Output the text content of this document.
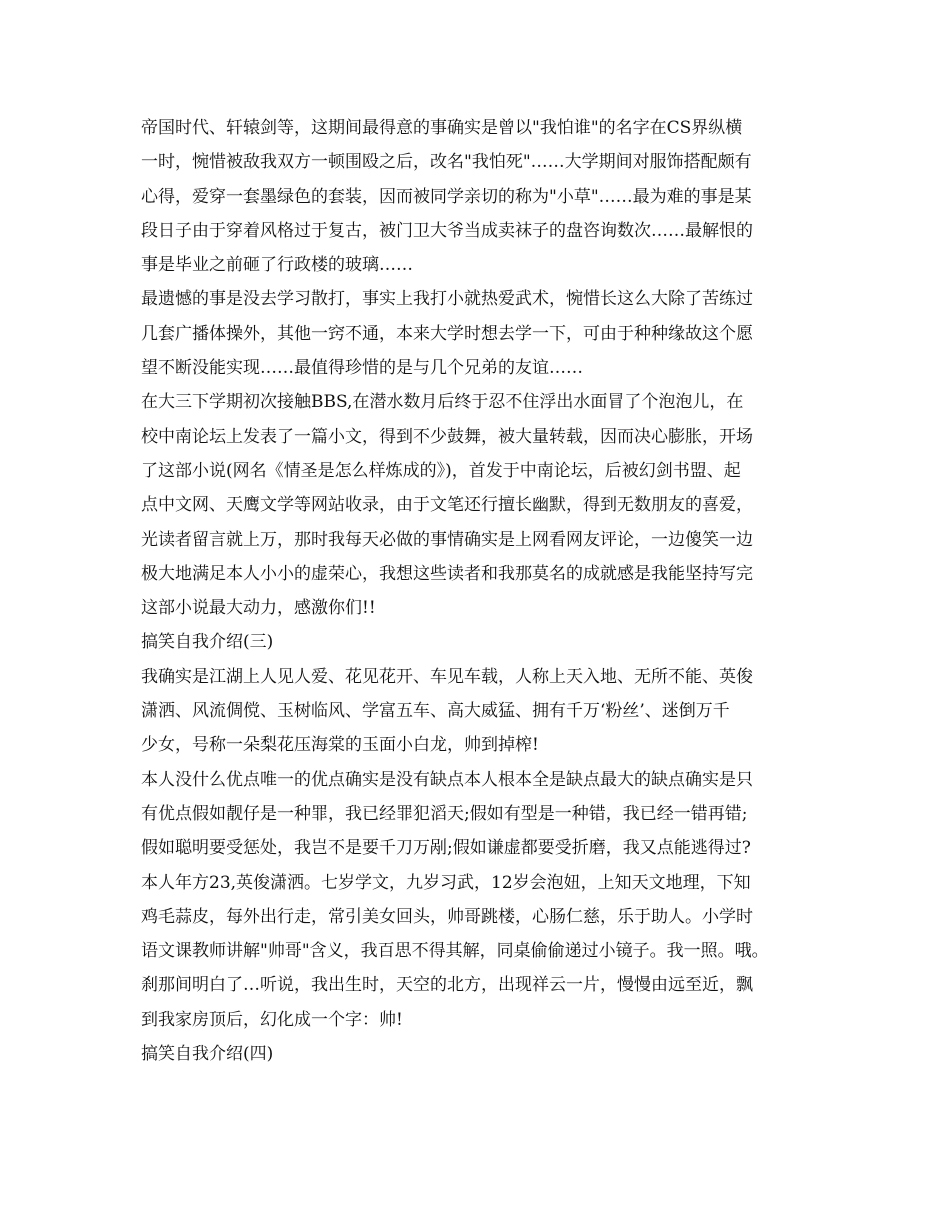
帝国时代、轩辕剑等，这期间最得意的事确实是曾以"我怕谁"的名字在CS界纵横
一时，惋惜被敌我双方一顿围殴之后，改名"我怕死"……大学期间对服饰搭配颇有
心得，爱穿一套墨绿色的套装，因而被同学亲切的称为"小草"……最为难的事是某
段日子由于穿着风格过于复古，被门卫大爷当成卖袜子的盘咨询数次……最解恨的
事是毕业之前砸了行政楼的玻璃……
最遗憾的事是没去学习散打，事实上我打小就热爱武术，惋惜长这么大除了苦练过
几套广播体操外，其他一窍不通，本来大学时想去学一下，可由于种种缘故这个愿
望不断没能实现……最值得珍惜的是与几个兄弟的友谊……
在大三下学期初次接触BBS,在潜水数月后终于忍不住浮出水面冒了个泡泡儿，在
校中南论坛上发表了一篇小文，得到不少鼓舞，被大量转载，因而决心膨胀，开场
了这部小说(网名《情圣是怎么样炼成的》)，首发于中南论坛，后被幻剑书盟、起
点中文网、天鹰文学等网站收录，由于文笔还行擅长幽默，得到无数朋友的喜爱，
光读者留言就上万，那时我每天必做的事情确实是上网看网友评论，一边傻笑一边
极大地满足本人小小的虚荣心，我想这些读者和我那莫名的成就感是我能坚持写完
这部小说最大动力，感激你们!!
搞笑自我介绍(三)
我确实是江湖上人见人爱、花见花开、车见车载，人称上天入地、无所不能、英俊
潇洒、风流倜傥、玉树临风、学富五车、高大威猛、拥有千万‘粉丝’、迷倒万千
少女，号称一朵梨花压海棠的玉面小白龙，帅到掉榨!
本人没什么优点唯一的优点确实是没有缺点本人根本全是缺点最大的缺点确实是只
有优点假如靓仔是一种罪，我已经罪犯滔天;假如有型是一种错，我已经一错再错;
假如聪明要受惩处，我岂不是要千刀万剐;假如谦虚都要受折磨，我又点能逃得过?
本人年方23,英俊潇洒。七岁学文，九岁习武，12岁会泡妞，上知天文地理，下知
鸡毛蒜皮，每外出行走，常引美女回头，帅哥跳楼，心肠仁慈，乐于助人。小学时
语文课教师讲解"帅哥"含义，我百思不得其解，同桌偷偷递过小镜子。我一照。哦。
刹那间明白了…听说，我出生时，天空的北方，出现祥云一片，慢慢由远至近，飘
到我家房顶后，幻化成一个字：帅!
搞笑自我介绍(四)
